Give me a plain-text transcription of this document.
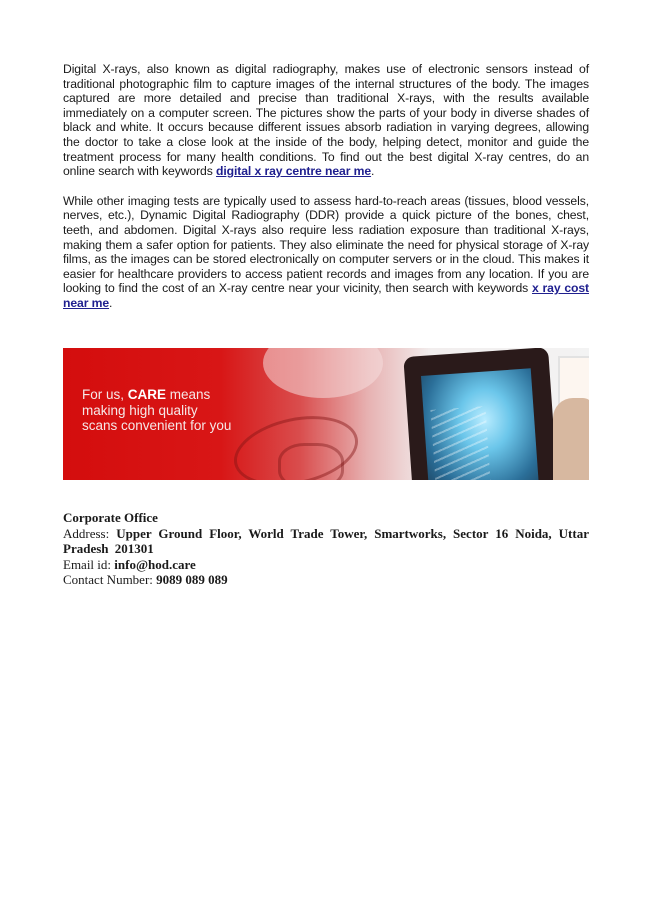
Digital X-rays, also known as digital radiography, makes use of electronic sensors instead of traditional photographic film to capture images of the internal structures of the body. The images captured are more detailed and precise than traditional X-rays, with the results available immediately on a computer screen. The pictures show the parts of your body in diverse shades of black and white. It occurs because different issues absorb radiation in varying degrees, allowing the doctor to take a close look at the inside of the body, helping detect, monitor and guide the treatment process for many health conditions. To find out the best digital X-ray centres, do an online search with keywords digital x ray centre near me.

While other imaging tests are typically used to assess hard-to-reach areas (tissues, blood vessels, nerves, etc.), Dynamic Digital Radiography (DDR) provide a quick picture of the bones, chest, teeth, and abdomen. Digital X-rays also require less radiation exposure than traditional X-rays, making them a safer option for patients. They also eliminate the need for physical storage of X-ray films, as the images can be stored electronically on computer servers or in the cloud. This makes it easier for healthcare providers to access patient records and images from any location. If you are looking to find the cost of an X-ray centre near your vicinity, then search with keywords x ray cost near me.

For us, CARE means
making high quality
scans convenient for you
Corporate Office
Address: Upper Ground Floor, World Trade Tower, Smartworks, Sector 16 Noida, Uttar Pradesh 201301
Email id: info@hod.care
Contact Number: 9089 089 089
